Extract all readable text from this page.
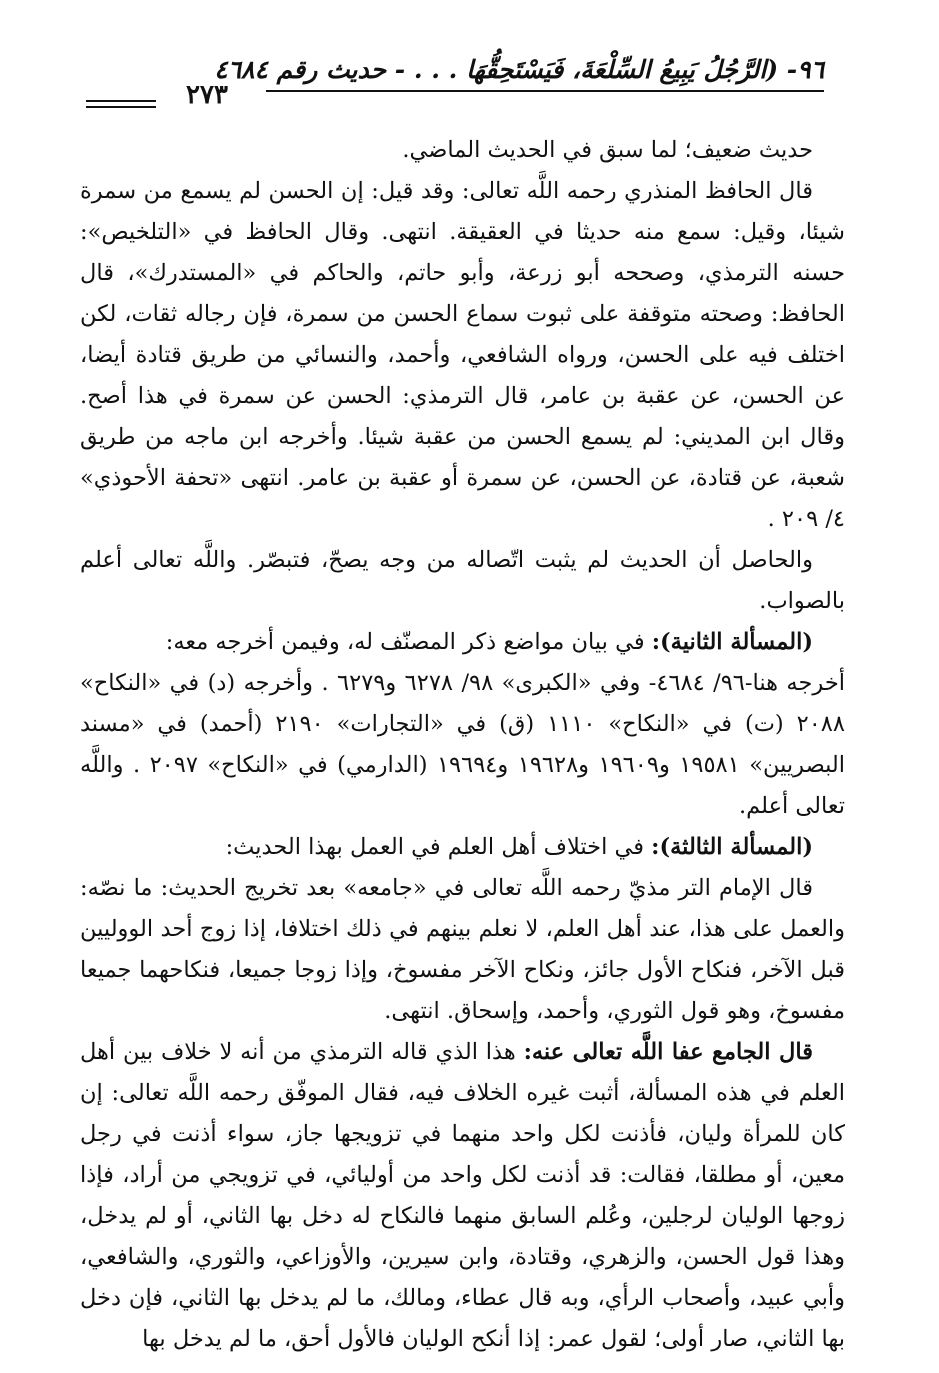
٩٦- (الرَّجُلُ يَبِيعُ السِّلْعَةَ، فَيَسْتَحِقُّهَا . . . - حديث رقم ٤٦٨٤
٢٧٣

حديث ضعيف؛ لما سبق في الحديث الماضي.

قال الحافظ المنذري رحمه اللَّه تعالى: وقد قيل: إن الحسن لم يسمع من سمرة شيئا، وقيل: سمع منه حديثا في العقيقة. انتهى. وقال الحافظ في «التلخيص»: حسنه الترمذي، وصححه أبو زرعة، وأبو حاتم، والحاكم في «المستدرك»، قال الحافظ: وصحته متوقفة على ثبوت سماع الحسن من سمرة، فإن رجاله ثقات، لكن اختلف فيه على الحسن، ورواه الشافعي، وأحمد، والنسائي من طريق قتادة أيضا، عن الحسن، عن عقبة بن عامر، قال الترمذي: الحسن عن سمرة في هذا أصح. وقال ابن المديني: لم يسمع الحسن من عقبة شيئا. وأخرجه ابن ماجه من طريق شعبة، عن قتادة، عن الحسن، عن سمرة أو عقبة بن عامر. انتهى «تحفة الأحوذي» ٤/ ٢٠٩ .

والحاصل أن الحديث لم يثبت اتّصاله من وجه يصحّ، فتبصّر. واللَّه تعالى أعلم بالصواب.

(المسألة الثانية): في بيان مواضع ذكر المصنّف له، وفيمن أخرجه معه:

أخرجه هنا-٩٦/ ٤٦٨٤- وفي «الكبرى» ٩٨/ ٦٢٧٨ و٦٢٧٩ . وأخرجه (د) في «النكاح» ٢٠٨٨ (ت) في «النكاح» ١١١٠ (ق) في «التجارات» ٢١٩٠ (أحمد) في «مسند البصريين» ١٩٥٨١ و١٩٦٠٩ و١٩٦٢٨ و١٩٦٩٤ (الدارمي) في «النكاح» ٢٠٩٧ . واللَّه تعالى أعلم.

(المسألة الثالثة): في اختلاف أهل العلم في العمل بهذا الحديث:

قال الإمام التر مذيّ رحمه اللَّه تعالى في «جامعه» بعد تخريج الحديث: ما نصّه: والعمل على هذا، عند أهل العلم، لا نعلم بينهم في ذلك اختلافا، إذا زوج أحد الووليين قبل الآخر، فنكاح الأول جائز، ونكاح الآخر مفسوخ، وإذا زوجا جميعا، فنكاحهما جميعا مفسوخ، وهو قول الثوري، وأحمد، وإسحاق. انتهى.

قال الجامع عفا اللَّه تعالى عنه: هذا الذي قاله الترمذي من أنه لا خلاف بين أهل العلم في هذه المسألة، أثبت غيره الخلاف فيه، فقال الموفّق رحمه اللَّه تعالى: إن كان للمرأة وليان، فأذنت لكل واحد منهما في تزويجها جاز، سواء أذنت في رجل معين، أو مطلقا، فقالت: قد أذنت لكل واحد من أوليائي، في تزويجي من أراد، فإذا زوجها الوليان لرجلين، وعُلم السابق منهما فالنكاح له دخل بها الثاني، أو لم يدخل، وهذا قول الحسن، والزهري، وقتادة، وابن سيرين، والأوزاعي، والثوري، والشافعي، وأبي عبيد، وأصحاب الرأي، وبه قال عطاء، ومالك، ما لم يدخل بها الثاني، فإن دخل بها الثاني، صار أولى؛ لقول عمر: إذا أنكح الوليان فالأول أحق، ما لم يدخل بها
